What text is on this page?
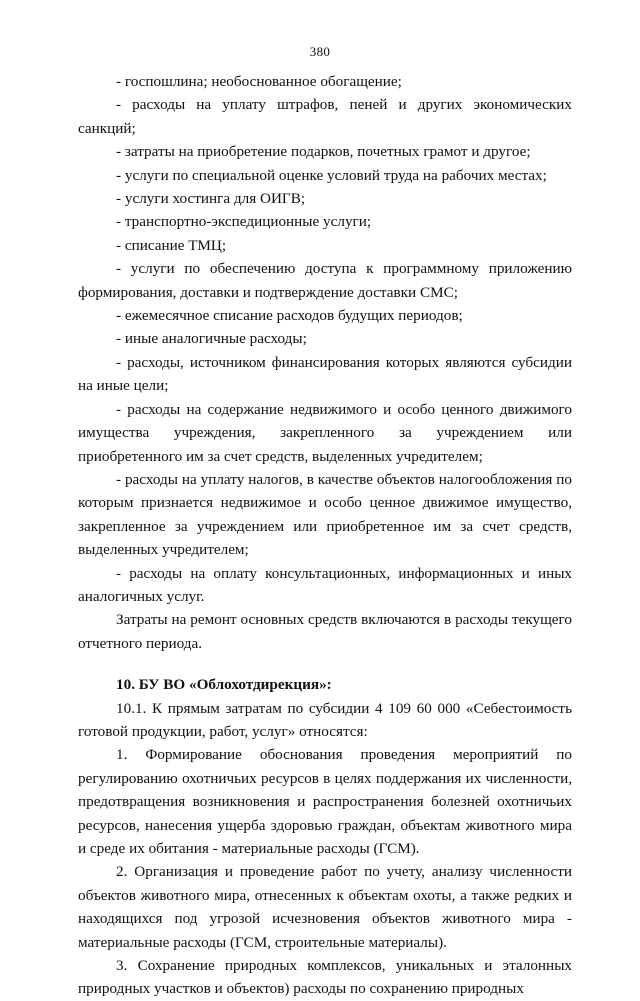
380

- госпошлина; необоснованное обогащение;

- расходы на уплату штрафов, пеней и других экономических санкций;

- затраты на приобретение подарков, почетных грамот и другое;

- услуги по специальной оценке условий труда на рабочих местах;

- услуги хостинга для ОИГВ;

- транспортно-экспедиционные услуги;

- списание ТМЦ;

- услуги по обеспечению доступа к программному приложению формирования, доставки и подтверждение доставки СМС;

- ежемесячное списание расходов будущих периодов;

- иные аналогичные расходы;

- расходы, источником финансирования которых являются субсидии на иные цели;

- расходы на содержание недвижимого и особо ценного движимого имущества учреждения, закрепленного за учреждением или приобретенного им за счет средств, выделенных учредителем;

- расходы на уплату налогов, в качестве объектов налогообложения по которым признается недвижимое и особо ценное движимое имущество, закрепленное за учреждением или приобретенное им за счет средств, выделенных учредителем;

- расходы на оплату консультационных, информационных и иных аналогичных услуг.

Затраты на ремонт основных средств включаются в расходы текущего отчетного периода.

10. БУ ВО «Облохотдирекция»:

10.1. К прямым затратам по субсидии 4 109 60 000 «Себестоимость готовой продукции, работ, услуг» относятся:

1. Формирование обоснования проведения мероприятий по регулированию охотничьих ресурсов в целях поддержания их численности, предотвращения возникновения и распространения болезней охотничьих ресурсов, нанесения ущерба здоровью граждан, объектам животного мира и среде их обитания - материальные расходы (ГСМ).

2. Организация и проведение работ по учету, анализу численности объектов животного мира, отнесенных к объектам охоты, а также редких и находящихся под угрозой исчезновения объектов животного мира - материальные расходы (ГСМ, строительные материалы).

3. Сохранение природных комплексов, уникальных и эталонных природных участков и объектов) расходы по сохранению природных
